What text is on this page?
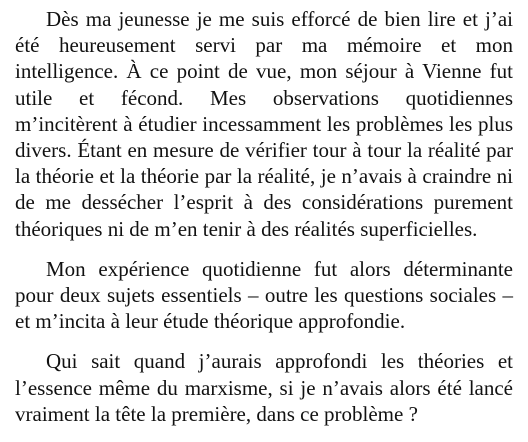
Dès ma jeunesse je me suis efforcé de bien lire et j’ai été heureusement servi par ma mémoire et mon intelligence. À ce point de vue, mon séjour à Vienne fut utile et fécond. Mes observations quotidiennes m’incitèrent à étudier incessamment les problèmes les plus divers. Étant en mesure de vérifier tour à tour la réalité par la théorie et la théorie par la réalité, je n’avais à craindre ni de me dessécher l’esprit à des considérations purement théoriques ni de m’en tenir à des réalités superficielles.

Mon expérience quotidienne fut alors déterminante pour deux sujets essentiels – outre les questions sociales – et m’incita à leur étude théorique approfondie.

Qui sait quand j’aurais approfondi les théories et l’essence même du marxisme, si je n’avais alors été lancé vraiment la tête la première, dans ce problème ?
